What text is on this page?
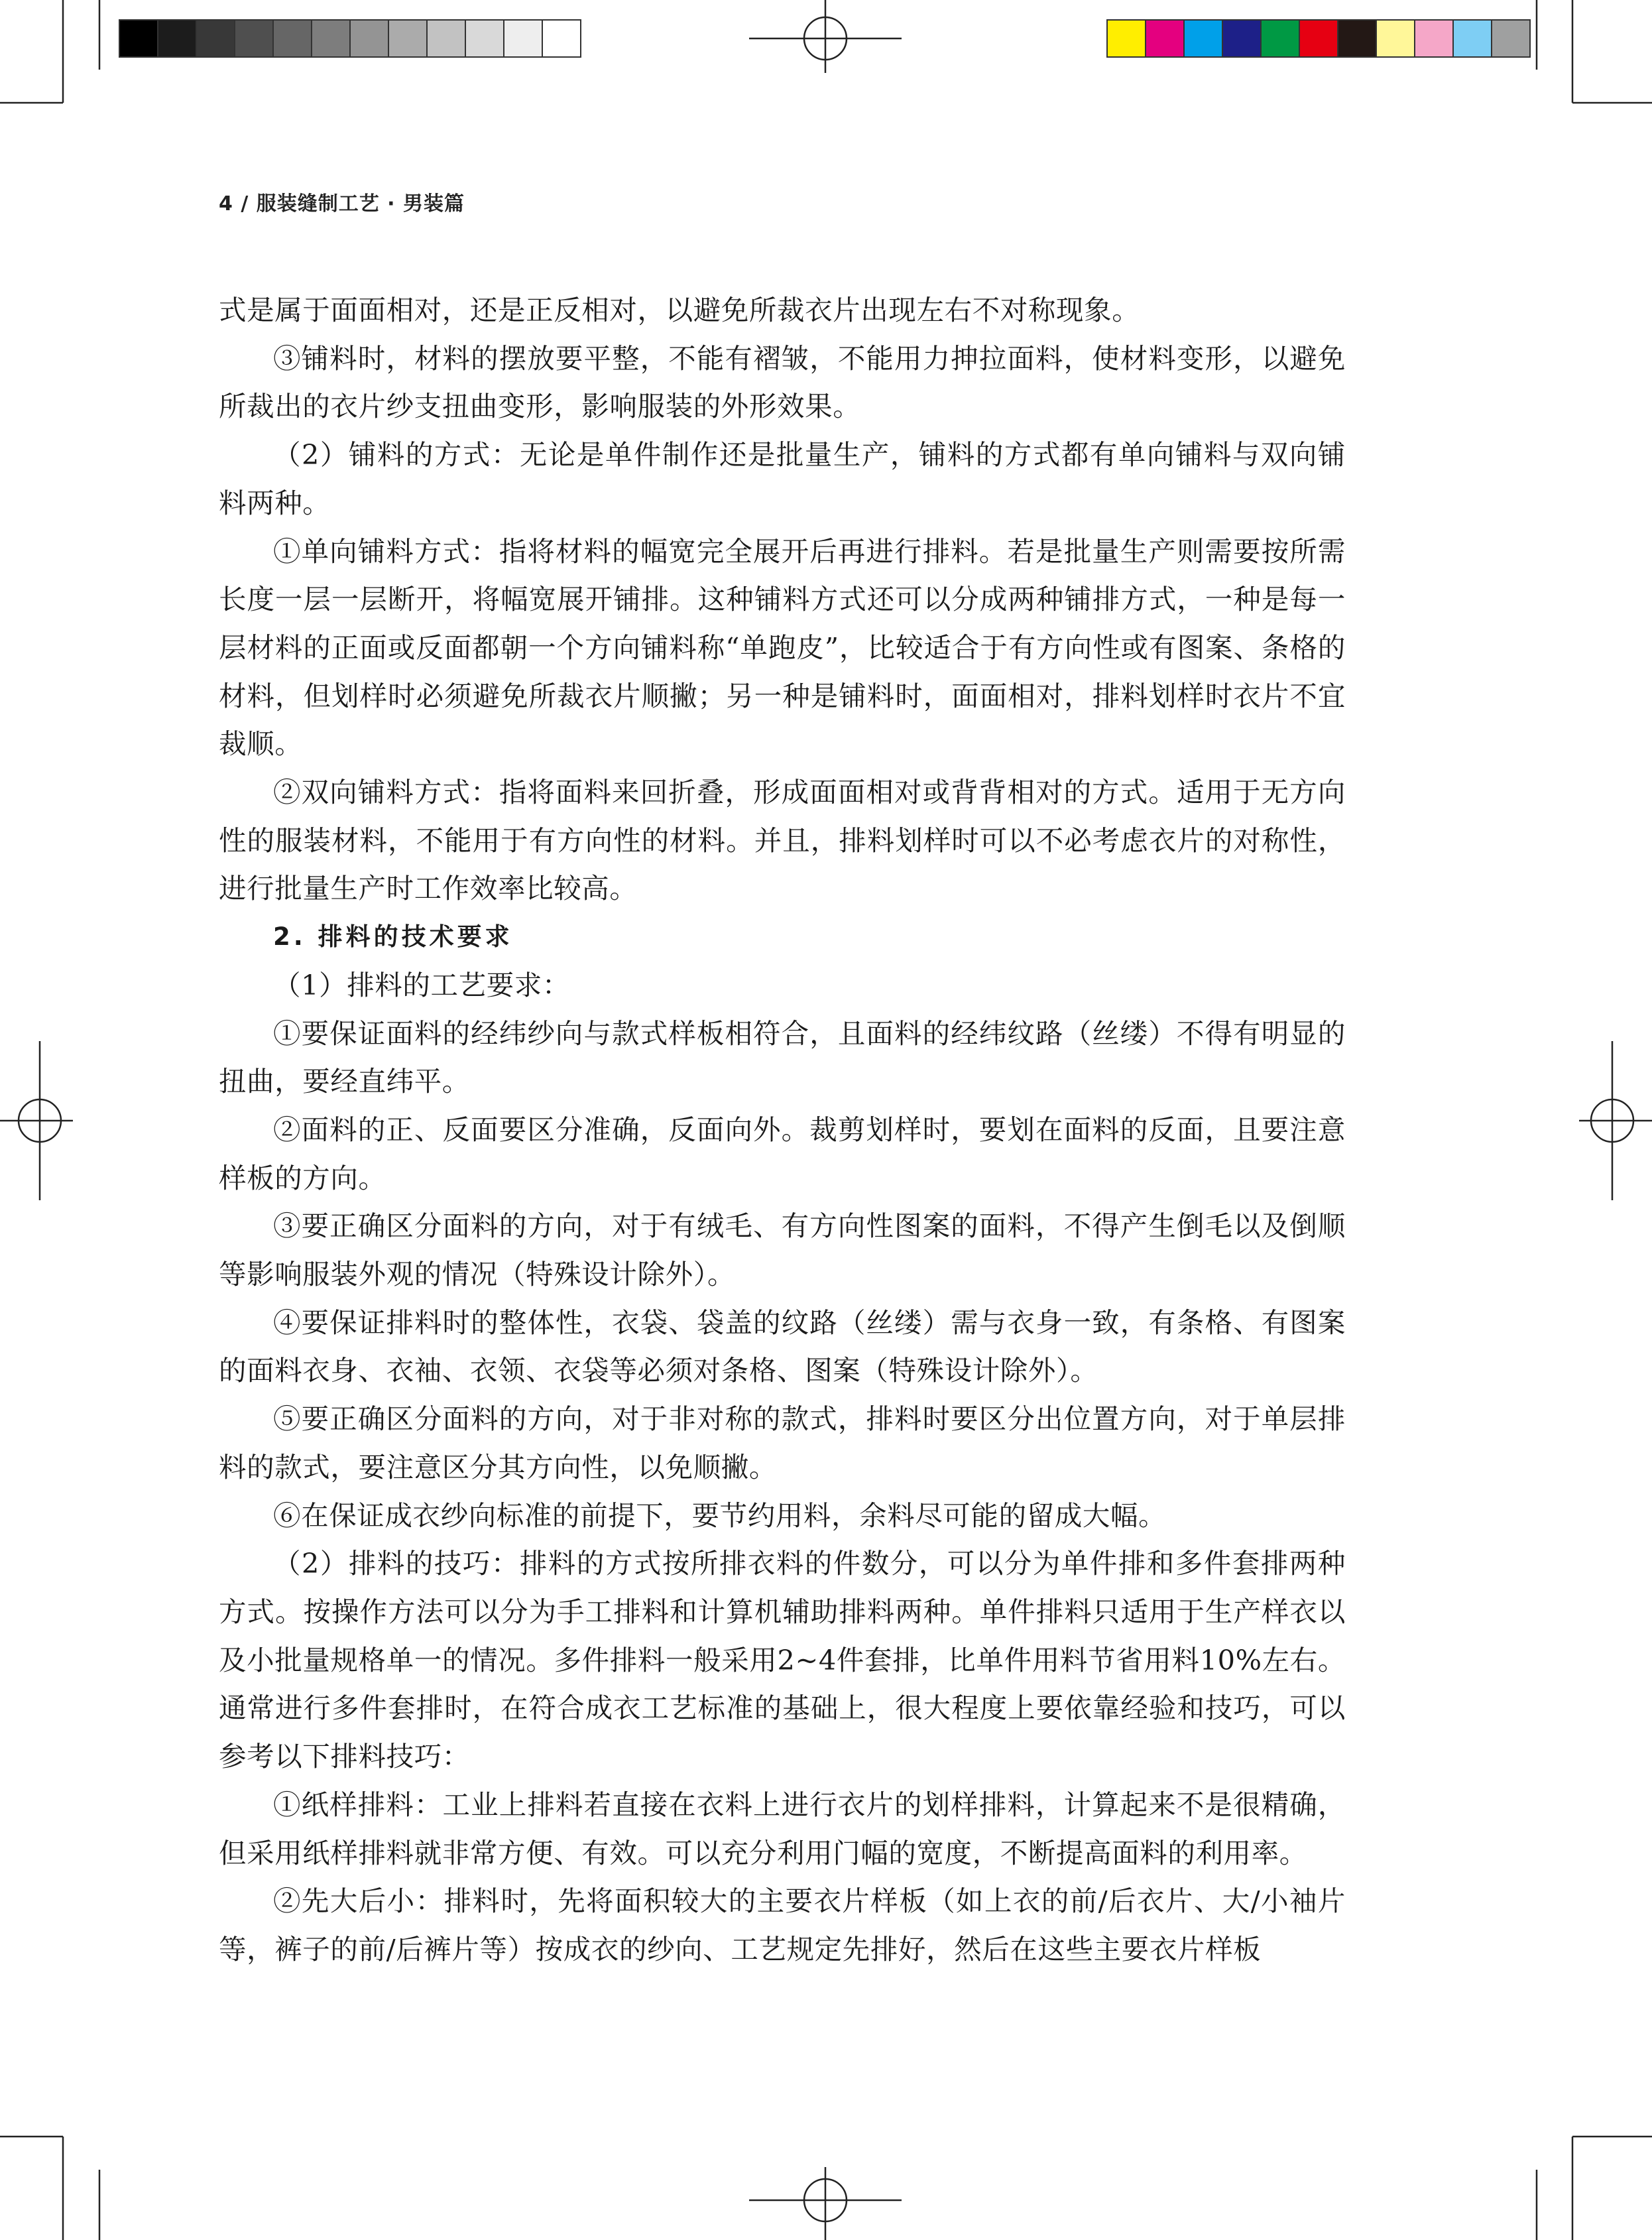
4 / 服装缝制工艺 · 男装篇

式是属于面面相对，还是正反相对，以避免所裁衣片出现左右不对称现象。

③铺料时，材料的摆放要平整，不能有褶皱，不能用力抻拉面料，使材料变形，以避免所裁出的衣片纱支扭曲变形，影响服装的外形效果。

（2）铺料的方式：无论是单件制作还是批量生产，铺料的方式都有单向铺料与双向铺料两种。

①单向铺料方式：指将材料的幅宽完全展开后再进行排料。若是批量生产则需要按所需长度一层一层断开，将幅宽展开铺排。这种铺料方式还可以分成两种铺排方式，一种是每一层材料的正面或反面都朝一个方向铺料称“单跑皮”，比较适合于有方向性或有图案、条格的材料，但划样时必须避免所裁衣片顺撇；另一种是铺料时，面面相对，排料划样时衣片不宜裁顺。

②双向铺料方式：指将面料来回折叠，形成面面相对或背背相对的方式。适用于无方向性的服装材料，不能用于有方向性的材料。并且，排料划样时可以不必考虑衣片的对称性，进行批量生产时工作效率比较高。

2. 排料的技术要求

（1）排料的工艺要求：

①要保证面料的经纬纱向与款式样板相符合，且面料的经纬纹路（丝缕）不得有明显的扭曲，要经直纬平。

②面料的正、反面要区分准确，反面向外。裁剪划样时，要划在面料的反面，且要注意样板的方向。

③要正确区分面料的方向，对于有绒毛、有方向性图案的面料，不得产生倒毛以及倒顺等影响服装外观的情况（特殊设计除外）。

④要保证排料时的整体性，衣袋、袋盖的纹路（丝缕）需与衣身一致，有条格、有图案的面料衣身、衣袖、衣领、衣袋等必须对条格、图案（特殊设计除外）。

⑤要正确区分面料的方向，对于非对称的款式，排料时要区分出位置方向，对于单层排料的款式，要注意区分其方向性，以免顺撇。

⑥在保证成衣纱向标准的前提下，要节约用料，余料尽可能的留成大幅。

（2）排料的技巧：排料的方式按所排衣料的件数分，可以分为单件排和多件套排两种方式。按操作方法可以分为手工排料和计算机辅助排料两种。单件排料只适用于生产样衣以及小批量规格单一的情况。多件排料一般采用2~4件套排，比单件用料节省用料10%左右。通常进行多件套排时，在符合成衣工艺标准的基础上，很大程度上要依靠经验和技巧，可以参考以下排料技巧：

①纸样排料：工业上排料若直接在衣料上进行衣片的划样排料，计算起来不是很精确，但采用纸样排料就非常方便、有效。可以充分利用门幅的宽度，不断提高面料的利用率。

②先大后小：排料时，先将面积较大的主要衣片样板（如上衣的前/后衣片、大/小袖片等，裤子的前/后裤片等）按成衣的纱向、工艺规定先排好，然后在这些主要衣片样板
